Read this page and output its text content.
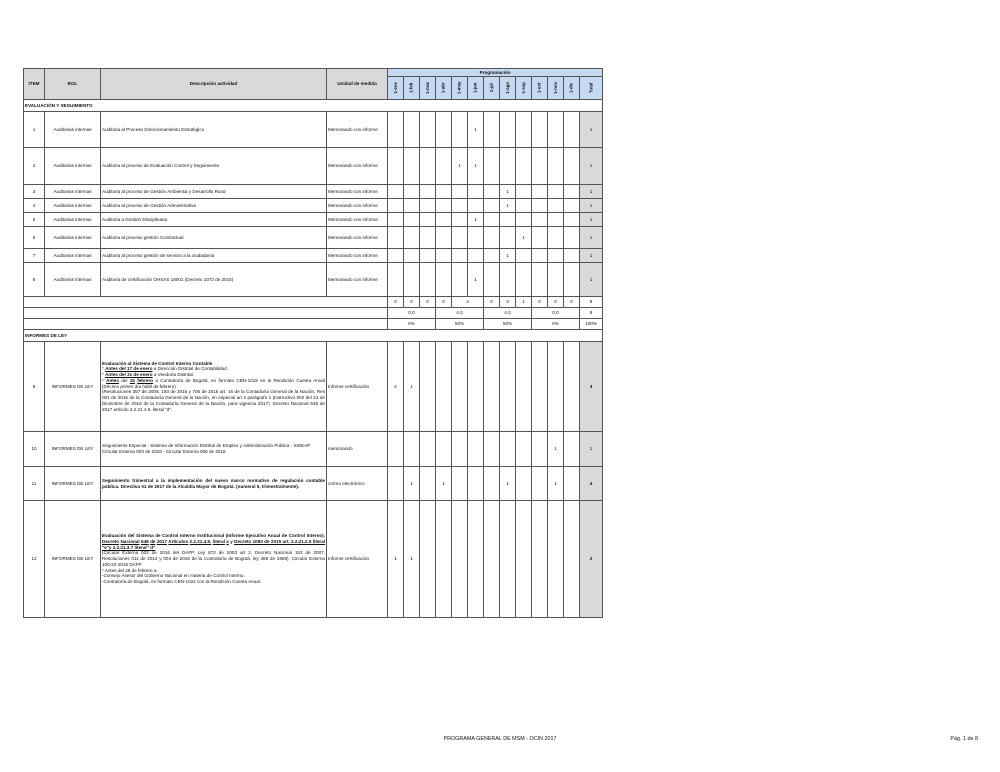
ITEM	ROL	Descripción actividad	Unidad de medida	Programación												
				1-ene	1-feb	1-mar	1-abr	1-may	1-jun	1-jul	1-ago	1-sep	1-oct	1-nov	1-dic	Total
EVALUACIÓN Y SEGUIMIENTO																
1	Auditorias internas	Auditoria al Proceso Direccionamiento Estratégico	Memorando con informe						1							1
2	Auditorias internas	Auditoria al proceso de Evaluación Control y Seguimiento	Memorando con informe					1	1							1
3	Auditorias internas	Auditoria al proceso de Gestión Ambiental y Desarrollo Rural	Memorando con informe								1					1
4	Auditorias internas	Auditoria al proceso de Gestión Administrativa	Memorando con informe								1					1
5	Auditorias internas	Auditoria a Gestión Disciplinaria	Memorando con informe						1							1
6	Auditorias internas	Auditoria al proceso gestión Contractual	Memorando con informe									1				1
7	Auditorias internas	Auditoria al proceso gestión de servicio a la ciudadanía	Memorando con informe								1					1
8	Auditorias internas	Auditoria de certificación OHSAS 18001 (Decreto 1072 de 2015)	Memorando con informe						1							1
				0	0	0	0	4		0	3	1	0	0	0	8
				0,0			4,0			4,0			0,0			8
				0%			50%			50%			0%			100%
INFORMES DE LEY																
9	INFORMES DE LEY	Evaluación al Sistema de Control Interno Contable
* Antes del 17 de enero a Dirección Distrital de Contabilidad.
* Antes del 31 de enero a Veeduría Distrital.
* Antes del 15 febrero a Contraloría de Bogotá, en formato CBN-1019 en la Rendición Cuenta Anual (Décimo primer día hábil de febrero)
(Resoluciones 357 de 2008, 193 de 2016 y 706 de 2016 art. 16 de la Contaduría General de la Nación, Res 001 de 2015 de la Contaduría General de la Nación, en especial art 2 parágrafo 1 (Instructivo 002 del 21 de Diciembre de 2016 de la Contaduría General de la Nación, para vigencia 2017). Decreto Nacional 648 de 2017 artículo 2.2.21.4.9. literal "d".	Informe certificación	2	1											3
10	INFORMES DE LEY	Seguimiento Especial - Sistema de Información Distrital de Empleo y Administración Pública - SIDEAP
Circular Externa 003 de 2018 - Circular Externa 006 de 2018	memorando											1		1
11	INFORMES DE LEY	Seguimiento trimestral a la implementación del nuevo marco normativo de regulación contable pública. Directiva 01 de 2017 de la Alcaldía Mayor de Bogotá. (numeral 5, trimestralmente).	correo electrónico		1		1				1			1		4
12	INFORMES DE LEY	Evaluación del Sistema de Control Interno Institucional (Informe Ejecutivo Anual de Control Interno). Decreto Nacional 648 de 2017 Artículos 2.2.21.4.9. literal a y Decreto 1083 de 2015 art. 2.2.21.2.5 literal "e"y 2.2.21.3.7 literal" d"
(Circular Externa 003 de 2016 del DAFP, Ley 872 de 2003 art 2, Decreto Nacional 153 de 2007, Resoluciones 011 de 2014 y 004 de 2016 de la Contraloría de Bogotá, ley 489 de 1998), Circular Externa 100-22-2016 DAFP
* Antes del 28 de febrero a:
-Consejo Asesor del Gobierno Nacional en materia de Control Interno.
-Contraloría de Bogotá, en formato CBN-1022 con la Rendición Cuenta Anual.	Informe certificación	1	1											2
PROGRAMA GENERAL DE MSM - OCIN 2017	Pág. 1 de 8
